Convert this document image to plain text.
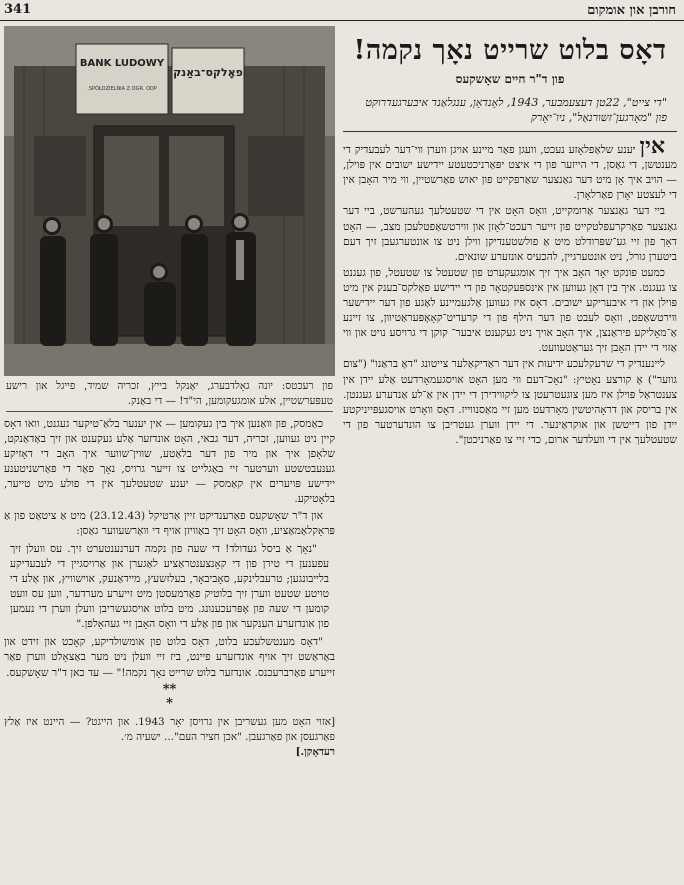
341	חורבן און אומקום
דאָס בלוט שרייט נאָך נקמה!
פון ד"ר חיים שאָשקעס
"די צייט", 22טן דעצעמבער, 1943, לאָנדאָן, ענגלאַנד איבערגעדרוקט פון "מאָרגען־זשורנאַל", ניו־יאָרק

אין יענע שלאַפלאָזע נעכט, וועגן פאַר מיינע אויגן ווערן ווי־דער לעבעדיק די מענטשן, די גאַסן, די הייזער פון די איצט יפּאַרניכטעטע יידישע ישובים אין פּוילן, — הויב איך אָן מיט דער גאַנצער שאַרפקייט פון יאוש פאַרשטיין, ווי מיר האָבן אין די לעצטע יאָרן פאַרלאָרן.

ביי דער גאַנצער אַרומקייט, וואָס האָט אין די שטעטלעך געהערשט, ביי דער גאַנצער פאַרקרעפּלטקייט פון זייער רעכט־לאָזן און ווירטשאַפטלעכן מצב, — האָט דאָך פון זיי גע־שפּרודלט מיט אַ פולשטענדיקן ווילן ניט צו אונטערגעבן זיך דעם ביטערן גורל, ניט אונטערגיין, להכעיס אונזערע שונאים.

כמעט פונקט יאָר האָב איך זיך אומגעקערט פון שטעטל צו שטעטל, פון געגנט צו געגנט. איך בין דאָן געווען אין אינספּעקטאָר פון די יידישע פאַלקס־בענק אין מיט פּוילן און די איבעריקע ישובים. דאָס איז געווען אַלגעמיינע לאַגע פון דער יידישער ווירטשאַפט, וואָס לעבט פון דער הילף פון די קרעדיט־קאָאָפּעראַטיוון, צו זיינע אַ־מאָליקע פיראַנצן, איך האָב אויך ניט געקענט איבער־ קוקן די גרויסע נויט און ווי אַזוי די יידן האָבן זיך געראַטעוועט.

ליינענדיק די שרעקלעכע ידיעות אין דער ראַדיקאַלער צייטונג "דאָ בראַנו" ("צום גווער") אָ קורצע נאָטיץ: "נאָכ־דעם ווי מען האָט אויסגעמאָרדעט אַלע יידן אין צענטראַל פּוילן איז מען צוגעטרעטן צו ליקווידירן די יידן אין אַ־לע אַנדערע געגנטן. אין בריסק און דראָהיטשין מאָרדעט מען זיי מאַסנווייז. דאָס וואָרט אויסגעפּייניקטע יידן פון דייטשן און אוקראַינער. די יידן ווערן געטריבן צו הונדערטער פון די שטעטלעך אין די וועלדער ארום, כדי זיי צו פאַרניכטן".

BANK LUDOWY
SPÓŁDZIELNIA Z OGR. ODP.
פאָלקס־באַנק
פון רעכטס: יונה גאָלדבערג, יאַנקל בייץ, זכריה שמיד, פייגל און רישע טעפּערשטיין, אלע אומגעקומען, הי"ד! — די באַנק.

כאַמסק, פון וואַנען איך בין געקומען — אין יענער בלאַ־טיקער געגנט, וואו דאָס קיין ניט געווען, זכריה, דער גבאי, האָט אונדזער אַלע געקענט און זיך באַדאַנקט, שלאָפן איך און מיר פון דער בלאַטע, שווין־שווער איך האָב די דאָזיקע גענעבטשטע ווערטער זיי באַגלייט צו זייער גרויס, נאָך פאַר די פאַרשניטענע יידישע פּויערים אין קאַמסק — יענע שטעטלעך אין די פולע מיט טייער, בלאָטיקע.

און ד"ר שאָשקעס פאַרענדיקט זיין אַרטיקל (23.12.43) מיט אַ ציטאַט פון אַ פּראָקלאַמאַציע, וואָס האָט זיך באַוויזן אויף די וואַרשעווער גאַסן:

"נאָך אַ ביסל געדולד! די שעה פון נקמה דערנענטערט זיך. עס וועלן זיך עפענען די טירן פון די קאָנצענטראַציע לאַגערן און אַרויסגיין די לעבעדיקע בלייבונגען; טרעבלינקע, סאָביבאָר, בעלזשעץ, מיידאַנעק, אוישוויץ, און אַלע די טויטע שטעט ווערן זיך בלוטיק פאַרמעסטן מיט זייערע מערדער, ווען עס וועט קומען די שעה פון אָפּרעכענונג. מיט בלוט אויסגעשריבן וועלן ווערן די נעמען פון אונדזערע הענקער און פון אַלע די וואָס האָבן זיי געהאָלפן."

"דאָס מענטשלעכע בלוט, דאָס בלוט פון אומשולדיקע, קאָכט און זידט און באַראַשט זיך אויף אונדזערע פיינט, ביז זיי וועלן ניט מער באַצאָלט ווערן פאַר זייערע פאַרברעכנס. אונדזער בלוט שרייט נאָך נקמה!" — עד כאן ד"ר שאָשקעס.

**
*
[אזוי האָט מען געשריבן אין גרויסן יאָר 1943. און הייגט? — היינט איז אַלץ פאַרגעסן און פאַרגעבן. "אכן חציר העם"... ישעיה מ׳.
רעדאָקן.]
